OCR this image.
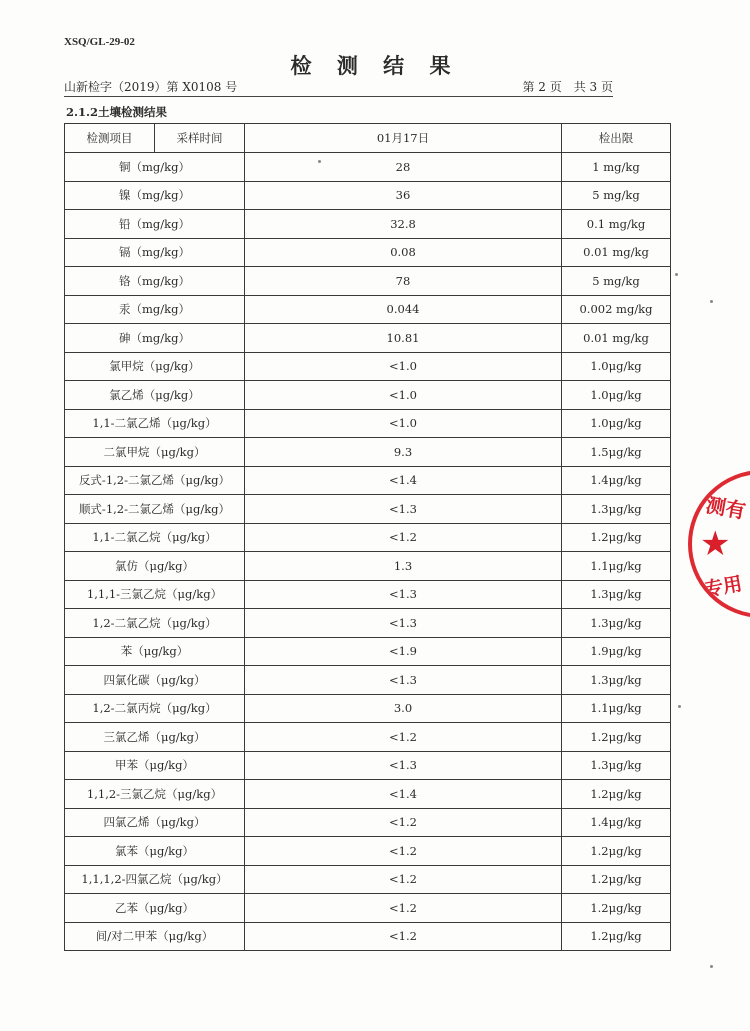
XSQ/GL-29-02
检 测 结 果
山新检字（2019）第 X0108 号	第 2 页　共 3 页
2.1.2土壤检测结果
检测项目	采样时间	01月17日	检出限
铜（mg/kg）		28	1 mg/kg
镍（mg/kg）		36	5 mg/kg
铅（mg/kg）		32.8	0.1 mg/kg
镉（mg/kg）		0.08	0.01 mg/kg
铬（mg/kg）		78	5 mg/kg
汞（mg/kg）		0.044	0.002 mg/kg
砷（mg/kg）		10.81	0.01 mg/kg
氯甲烷（μg/kg）		<1.0	1.0μg/kg
氯乙烯（μg/kg）		<1.0	1.0μg/kg
1,1-二氯乙烯（μg/kg）		<1.0	1.0μg/kg
二氯甲烷（μg/kg）		9.3	1.5μg/kg
反式-1,2-二氯乙烯（μg/kg）		<1.4	1.4μg/kg
顺式-1,2-二氯乙烯（μg/kg）		<1.3	1.3μg/kg
1,1-二氯乙烷（μg/kg）		<1.2	1.2μg/kg
氯仿（μg/kg）		1.3	1.1μg/kg
1,1,1-三氯乙烷（μg/kg）		<1.3	1.3μg/kg
1,2-二氯乙烷（μg/kg）		<1.3	1.3μg/kg
苯（μg/kg）		<1.9	1.9μg/kg
四氯化碳（μg/kg）		<1.3	1.3μg/kg
1,2-二氯丙烷（μg/kg）		3.0	1.1μg/kg
三氯乙烯（μg/kg）		<1.2	1.2μg/kg
甲苯（μg/kg）		<1.3	1.3μg/kg
1,1,2-三氯乙烷（μg/kg）		<1.4	1.2μg/kg
四氯乙烯（μg/kg）		<1.2	1.4μg/kg
氯苯（μg/kg）		<1.2	1.2μg/kg
1,1,1,2-四氯乙烷（μg/kg）		<1.2	1.2μg/kg
乙苯（μg/kg）		<1.2	1.2μg/kg
间/对二甲苯（μg/kg）		<1.2	1.2μg/kg
测有
★
专用
